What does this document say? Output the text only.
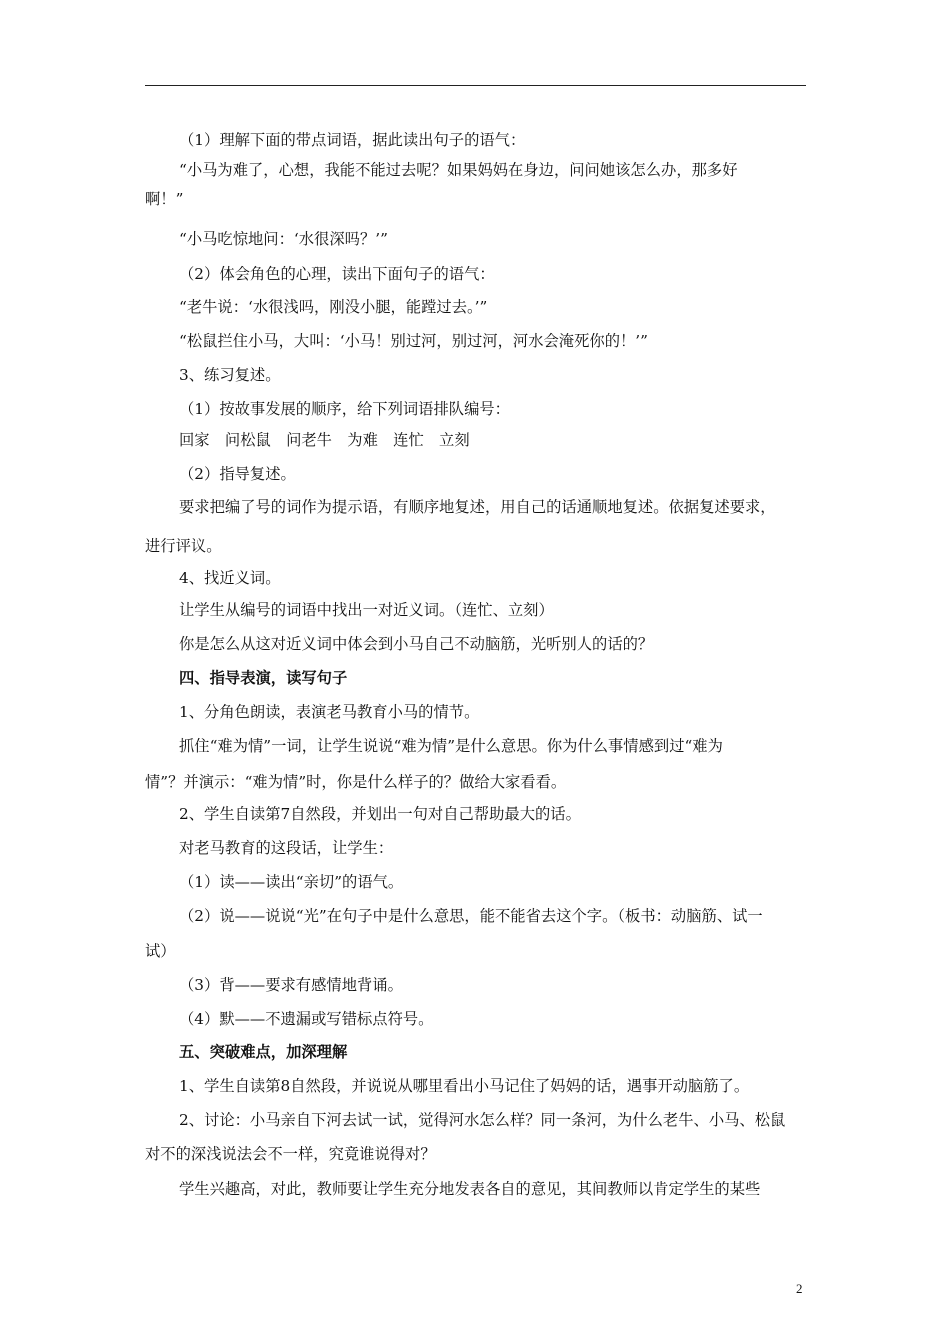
（1）理解下面的带点词语，据此读出句子的语气：
“小马为难了，心想，我能不能过去呢？如果妈妈在身边，问问她该怎么办，那多好
啊！”
“小马吃惊地问：‘水很深吗？’”
（2）体会角色的心理，读出下面句子的语气：
“老牛说：‘水很浅吗，刚没小腿，能蹚过去。’”
“松鼠拦住小马，大叫：‘小马！别过河，别过河，河水会淹死你的！’”
3、练习复述。
（1）按故事发展的顺序，给下列词语排队编号：
回家　问松鼠　问老牛　为难　连忙　立刻
（2）指导复述。
要求把编了号的词作为提示语，有顺序地复述，用自己的话通顺地复述。依据复述要求，
进行评议。
4、找近义词。
让学生从编号的词语中找出一对近义词。（连忙、立刻）
你是怎么从这对近义词中体会到小马自己不动脑筋，光听别人的话的？
四、指导表演，读写句子
1、分角色朗读，表演老马教育小马的情节。
抓住“难为情”一词，让学生说说“难为情”是什么意思。你为什么事情感到过“难为
情”？并演示：“难为情”时，你是什么样子的？做给大家看看。
2、学生自读第7自然段，并划出一句对自己帮助最大的话。
对老马教育的这段话，让学生：
（1）读——读出“亲切”的语气。
（2）说——说说“光”在句子中是什么意思，能不能省去这个字。（板书：动脑筋、试一
试）
（3）背——要求有感情地背诵。
（4）默——不遗漏或写错标点符号。
五、突破难点，加深理解
1、学生自读第8自然段，并说说从哪里看出小马记住了妈妈的话，遇事开动脑筋了。
2、讨论：小马亲自下河去试一试，觉得河水怎么样？同一条河，为什么老牛、小马、松鼠
对不的深浅说法会不一样，究竟谁说得对？
学生兴趣高，对此，教师要让学生充分地发表各自的意见，其间教师以肯定学生的某些
2
